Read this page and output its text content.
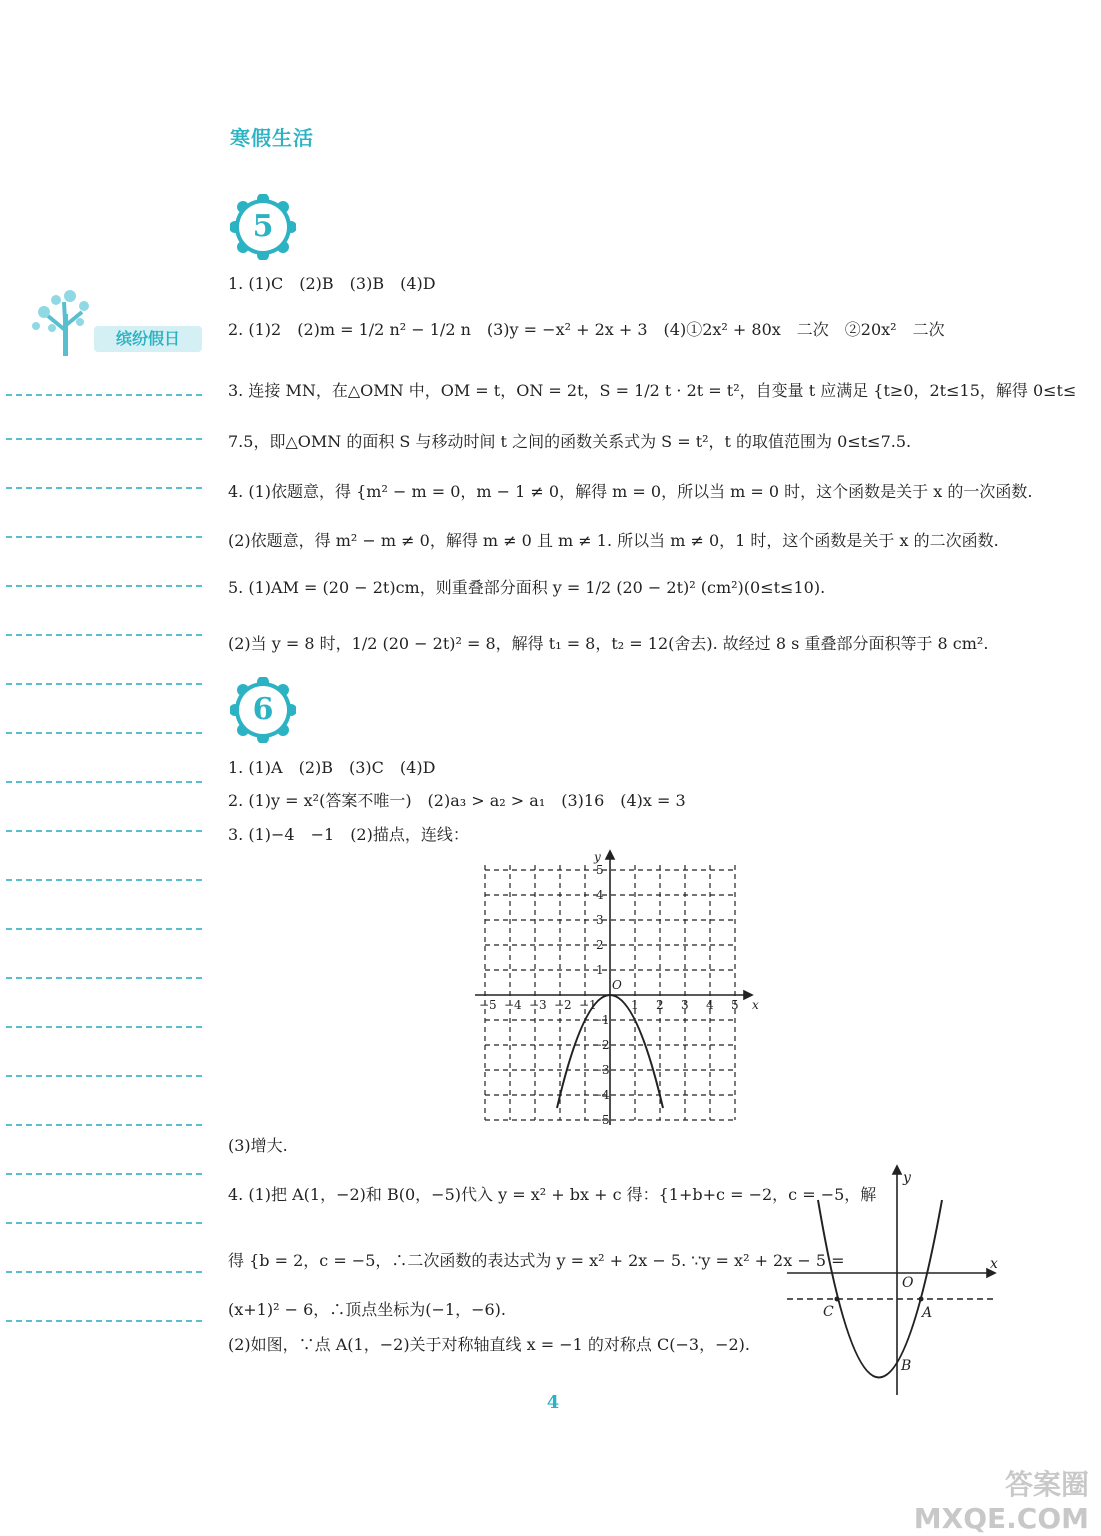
寒假生活
缤纷假日
5
1. (1)C　(2)B　(3)B　(4)D
2. (1)2　(2)m = 1/2 n² − 1/2 n　(3)y = −x² + 2x + 3　(4)①2x² + 80x　二次　②20x²　二次
3. 连接 MN，在△OMN 中，OM = t，ON = 2t，S = 1/2 t · 2t = t²，自变量 t 应满足 {t≥0，2t≤15，解得 0≤t≤
7.5，即△OMN 的面积 S 与移动时间 t 之间的函数关系式为 S = t²，t 的取值范围为 0≤t≤7.5.
4. (1)依题意，得 {m² − m = 0，m − 1 ≠ 0，解得 m = 0，所以当 m = 0 时，这个函数是关于 x 的一次函数.
(2)依题意，得 m² − m ≠ 0，解得 m ≠ 0 且 m ≠ 1. 所以当 m ≠ 0，1 时，这个函数是关于 x 的二次函数.
5. (1)AM = (20 − 2t)cm，则重叠部分面积 y = 1/2 (20 − 2t)² (cm²)(0≤t≤10).
(2)当 y = 8 时，1/2 (20 − 2t)² = 8，解得 t₁ = 8，t₂ = 12(舍去). 故经过 8 s 重叠部分面积等于 8 cm².
6
1. (1)A　(2)B　(3)C　(4)D
2. (1)y = x²(答案不唯一)　(2)a₃ > a₂ > a₁　(3)16　(4)x = 3
3. (1)−4　−1　(2)描点，连线：
x
y
O
−5 −4 −3 −2 −1	1 2 3 4 5
5
4
3
2
1
−1
−2
−3
−4
−5
(3)增大.
4. (1)把 A(1，−2)和 B(0，−5)代入 y = x² + bx + c 得：{1+b+c = −2，c = −5，解
得 {b = 2，c = −5，∴二次函数的表达式为 y = x² + 2x − 5. ∵y = x² + 2x − 5 =
(x+1)² − 6，∴顶点坐标为(−1，−6).
(2)如图，∵点 A(1，−2)关于对称轴直线 x = −1 的对称点 C(−3，−2).
x
y
O
C	A
B
4
答案圈
MXQE.COM
